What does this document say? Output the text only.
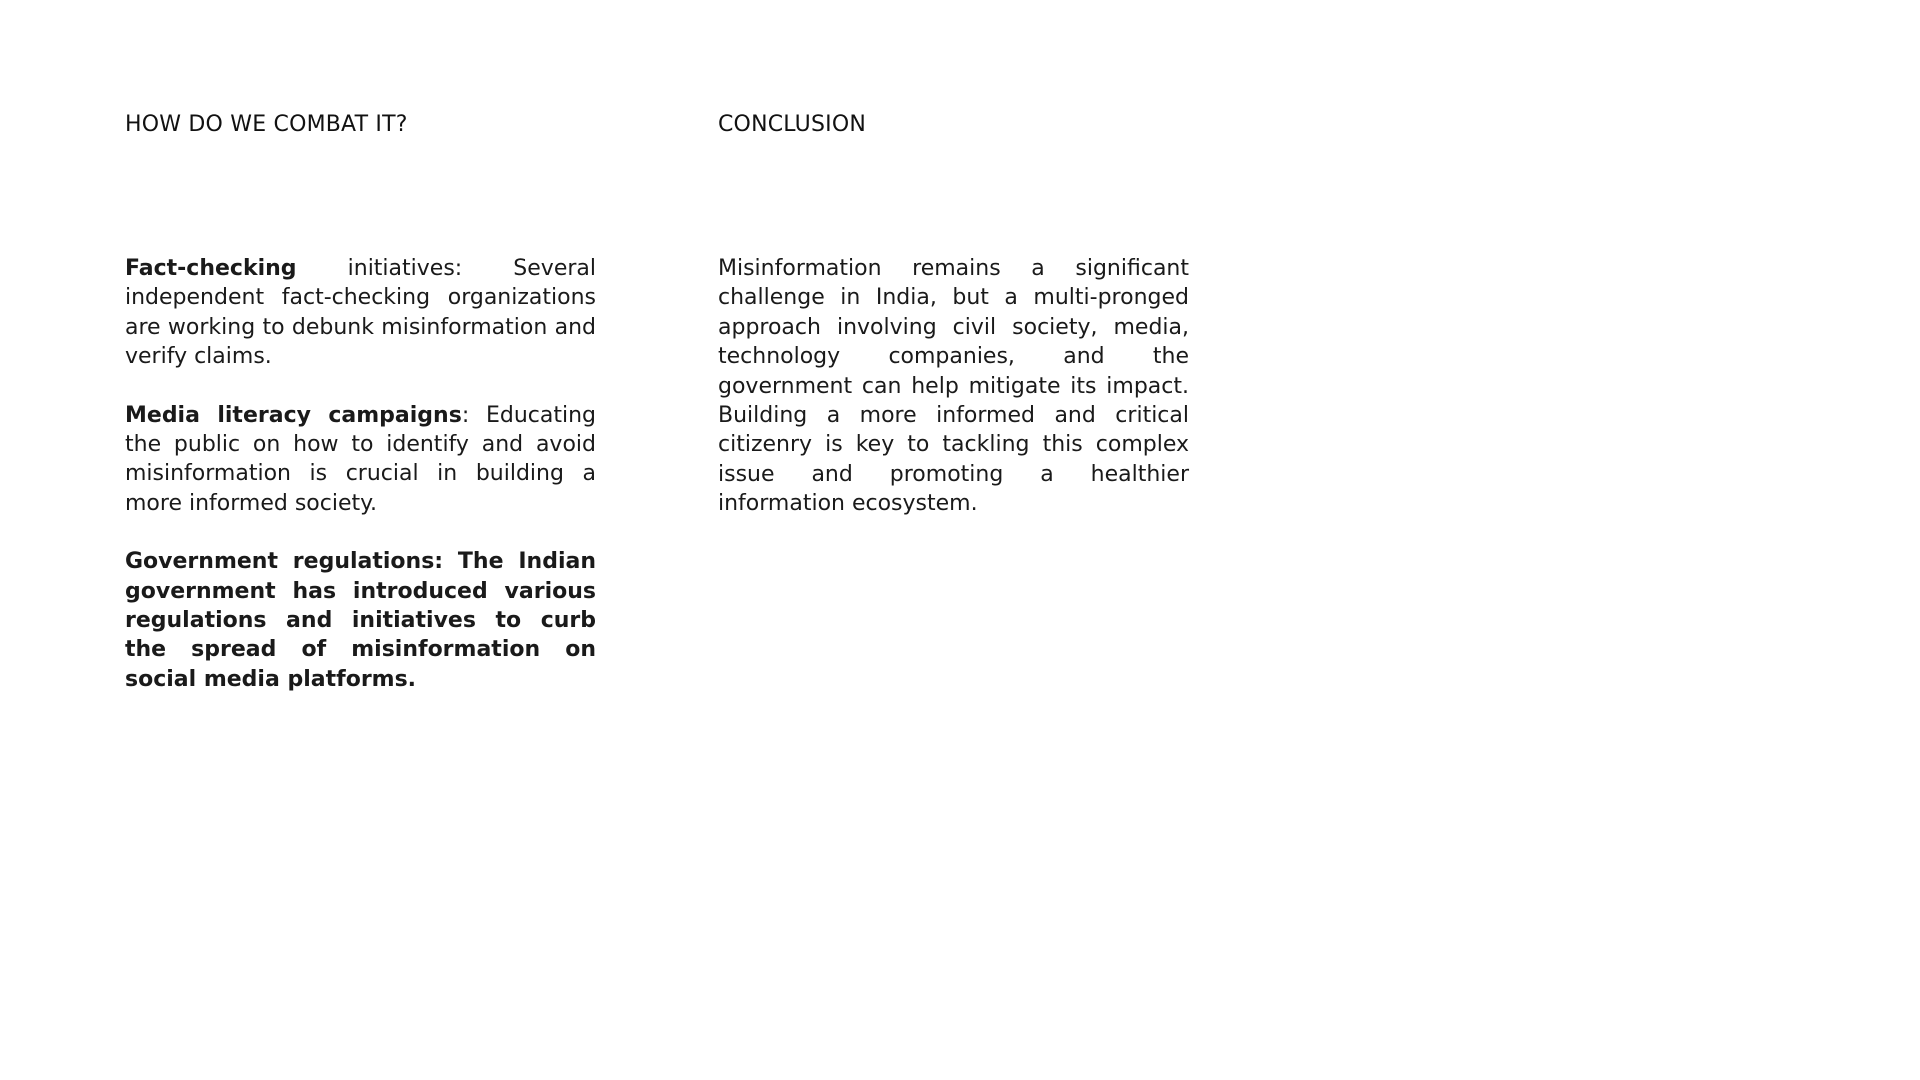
HOW DO WE COMBAT IT?

Fact-checking initiatives: Several independent fact-checking organizations are working to debunk misinformation and verify claims.

Media literacy campaigns: Educating the public on how to identify and avoid misinformation is crucial in building a more informed society.

Government regulations: The Indian government has introduced various regulations and initiatives to curb the spread of misinformation on social media platforms.

CONCLUSION

Misinformation remains a significant challenge in India, but a multi-pronged approach involving civil society, media, technology companies, and the government can help mitigate its impact. Building a more informed and critical citizenry is key to tackling this complex issue and promoting a healthier information ecosystem.
